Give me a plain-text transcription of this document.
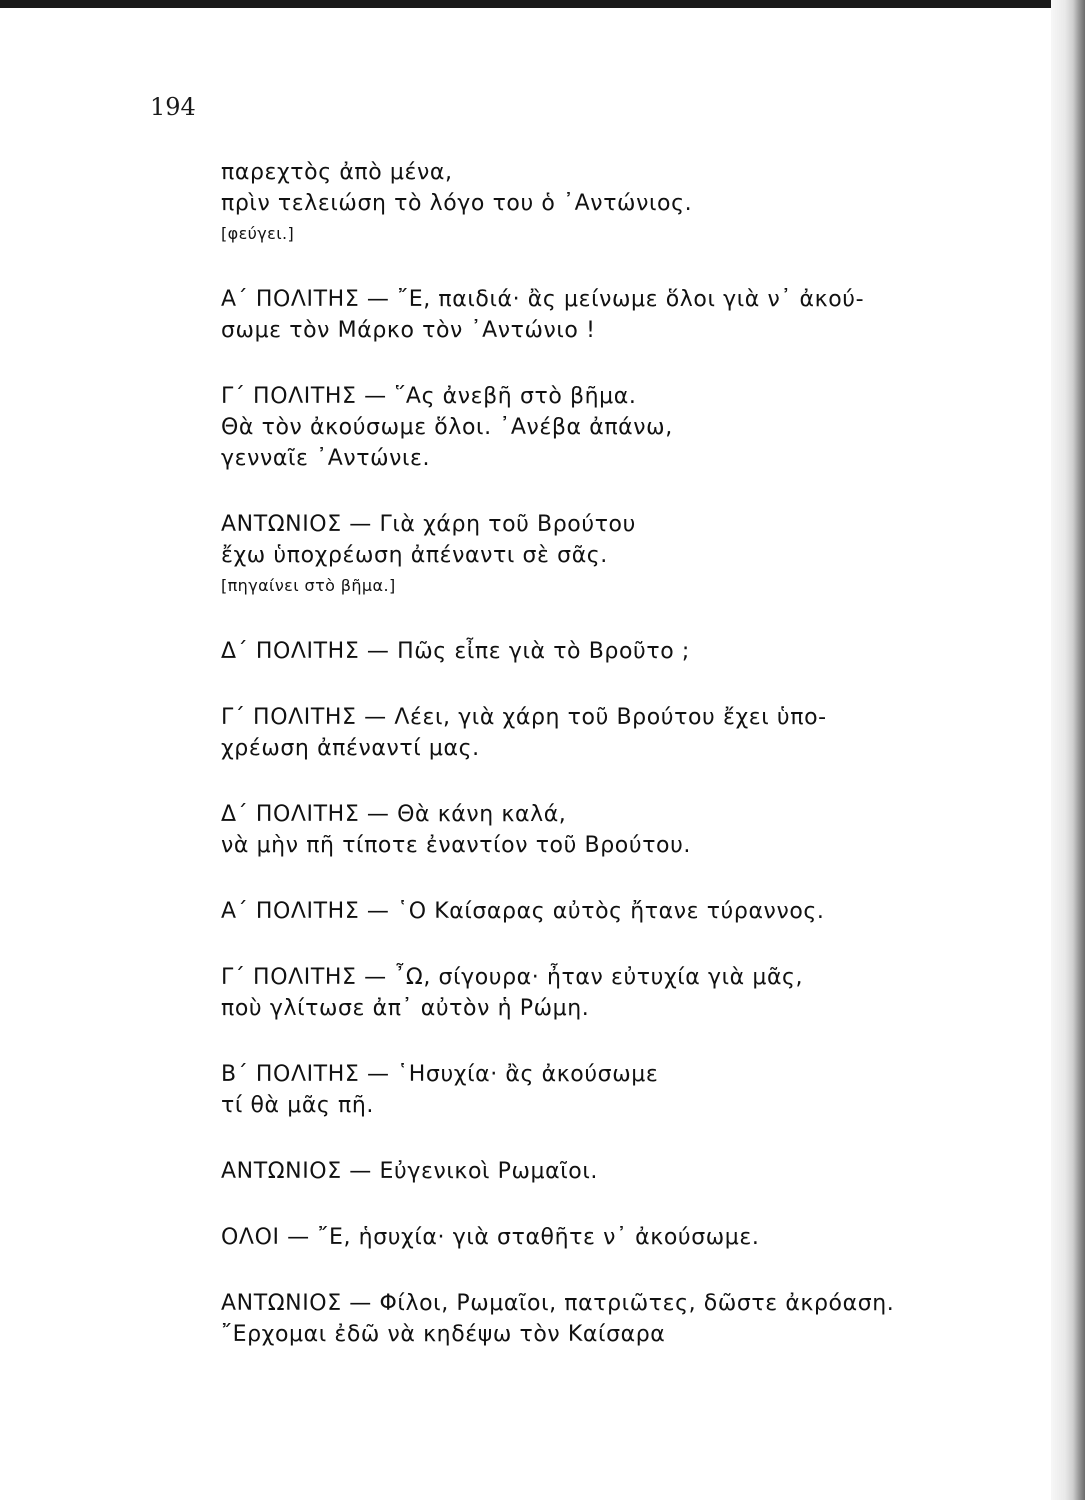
194
παρεχτὸς ἀπὸ μένα,
πρὶν τελειώση τὸ λόγο του ὁ ᾿Αντώνιος.
[φεύγει.]
Α΄ ΠΟΛΙΤΗΣ — ῎Ε, παιδιά· ἂς μείνωμε ὅλοι γιὰ ν᾿ ἀκού-
σωμε τὸν Μάρκο τὸν ᾿Αντώνιο !
Γ΄ ΠΟΛΙΤΗΣ — ῞Ας ἀνεβῆ στὸ βῆμα.
Θὰ τὸν ἀκούσωμε ὅλοι. ᾿Ανέβα ἀπάνω,
γενναῖε ᾿Αντώνιε.
ΑΝΤΩΝΙΟΣ — Γιὰ χάρη τοῦ Βρούτου
ἔχω ὑποχρέωση ἀπέναντι σὲ σᾶς.
[πηγαίνει στὸ βῆμα.]
Δ΄ ΠΟΛΙΤΗΣ — Πῶς εἶπε γιὰ τὸ Βροῦτο ;
Γ΄ ΠΟΛΙΤΗΣ — Λέει, γιὰ χάρη τοῦ Βρούτου ἔχει ὑπο-
χρέωση ἀπέναντί μας.
Δ΄ ΠΟΛΙΤΗΣ — Θὰ κάνη καλά,
νὰ μὴν πῆ τίποτε ἐναντίον τοῦ Βρούτου.
Α΄ ΠΟΛΙΤΗΣ — ῾Ο Καίσαρας αὐτὸς ἤτανε τύραννος.
Γ΄ ΠΟΛΙΤΗΣ — ῏Ω, σίγουρα· ἦταν εὐτυχία γιὰ μᾶς,
ποὺ γλίτωσε ἀπ᾿ αὐτὸν ἡ Ρώμη.
Β΄ ΠΟΛΙΤΗΣ — ῾Ησυχία· ἂς ἀκούσωμε
τί θὰ μᾶς πῆ.
ΑΝΤΩΝΙΟΣ — Εὐγενικοὶ Ρωμαῖοι.
ΟΛΟΙ — ῎Ε, ἡσυχία· γιὰ σταθῆτε ν᾿ ἀκούσωμε.
ΑΝΤΩΝΙΟΣ — Φίλοι, Ρωμαῖοι, πατριῶτες, δῶστε ἀκρόαση.
῎Ερχομαι ἐδῶ νὰ κηδέψω τὸν Καίσαρα
